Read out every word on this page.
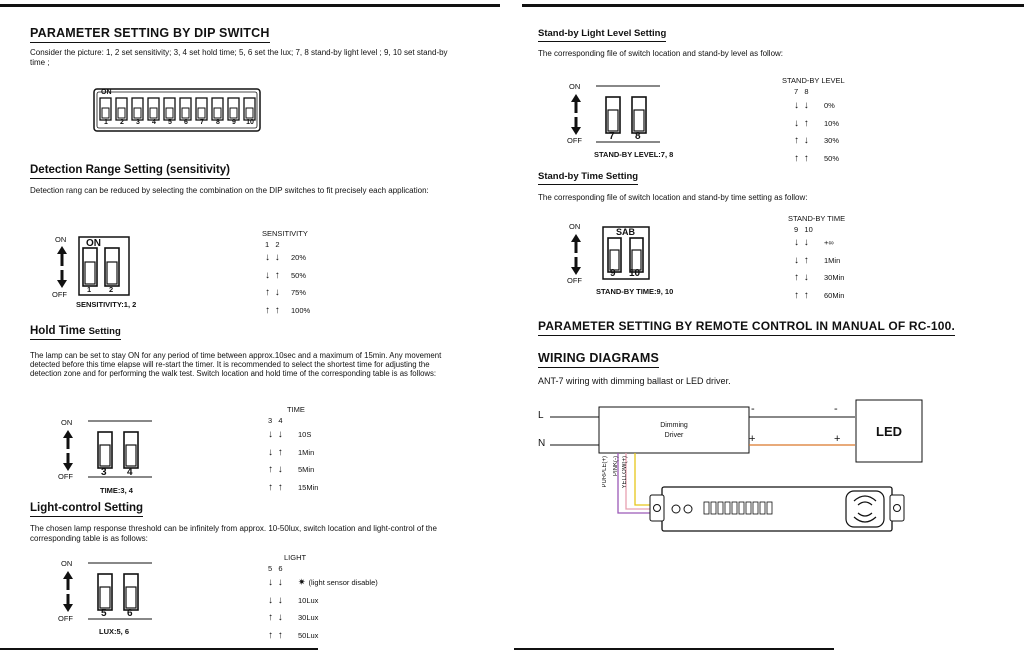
PARAMETER SETTING BY DIP SWITCH
Consider the picture: 1, 2 set sensitivity; 3, 4 set hold time; 5, 6 set the lux; 7, 8 stand-by light level ; 9, 10 set stand-by time ;
ON
1	2	3	4	5	6	7	8	9	10
Detection Range Setting (sensitivity)
Detection rang can be reduced by selecting the combination on the DIP switches to fit precisely each application:
ON
OFF
ON
1 2
SENSITIVITY:1, 2
SENSITIVITY
1   2
↓ ↓	20%
↓ ↑	50%
↑ ↓	75%
↑ ↑	100%
Hold Time Setting
The lamp can be set to stay ON for any period of time between approx.10sec and a maximum of 15min. Any movement detected before this time elapse will re-start the timer. It is recommended to select the shortest time for adjusting the detection zone and for performing the walk test. Switch location and hold time of the corresponding table is as follows:
ON
OFF	3 4
TIME:3, 4
TIME
3   4
↓ ↓	10S
↓ ↑	1Min
↑ ↓	5Min
↑ ↑	15Min
Light-control Setting
The chosen lamp response threshold can be infinitely from approx. 10-50lux, switch location and light-control of the corresponding table is as follows:
ON
OFF	5 6
LUX:5, 6
LIGHT
5   6
↓ ↓	✷ (light sensor disable)
↓ ↓	10Lux
↑ ↓	30Lux
↑ ↑	50Lux
Stand-by Light Level Setting
The corresponding file of switch location and stand-by level as follow:
ON
OFF	7 8
STAND-BY LEVEL:7, 8
STAND-BY LEVEL
7   8
↓ ↓	0%
↓ ↑	10%
↑ ↓	30%
↑ ↑	50%
Stand-by Time Setting
The corresponding file of switch location and stand-by time setting as follow:
ON
OFF
SAB
9 10
STAND-BY TIME:9, 10
STAND-BY TIME
9   10
↓ ↓	+∞
↓ ↑	1Min
↑ ↓	30Min
↑ ↑	60Min
PARAMETER SETTING BY REMOTE CONTROL IN MANUAL OF RC-100.
WIRING DIAGRAMS
ANT-7 wiring with dimming ballast or LED driver.
L
N
Dimming
Driver
-	-
+	+	LED
PURPLE(+) PINK(-) YELLOW(+)
